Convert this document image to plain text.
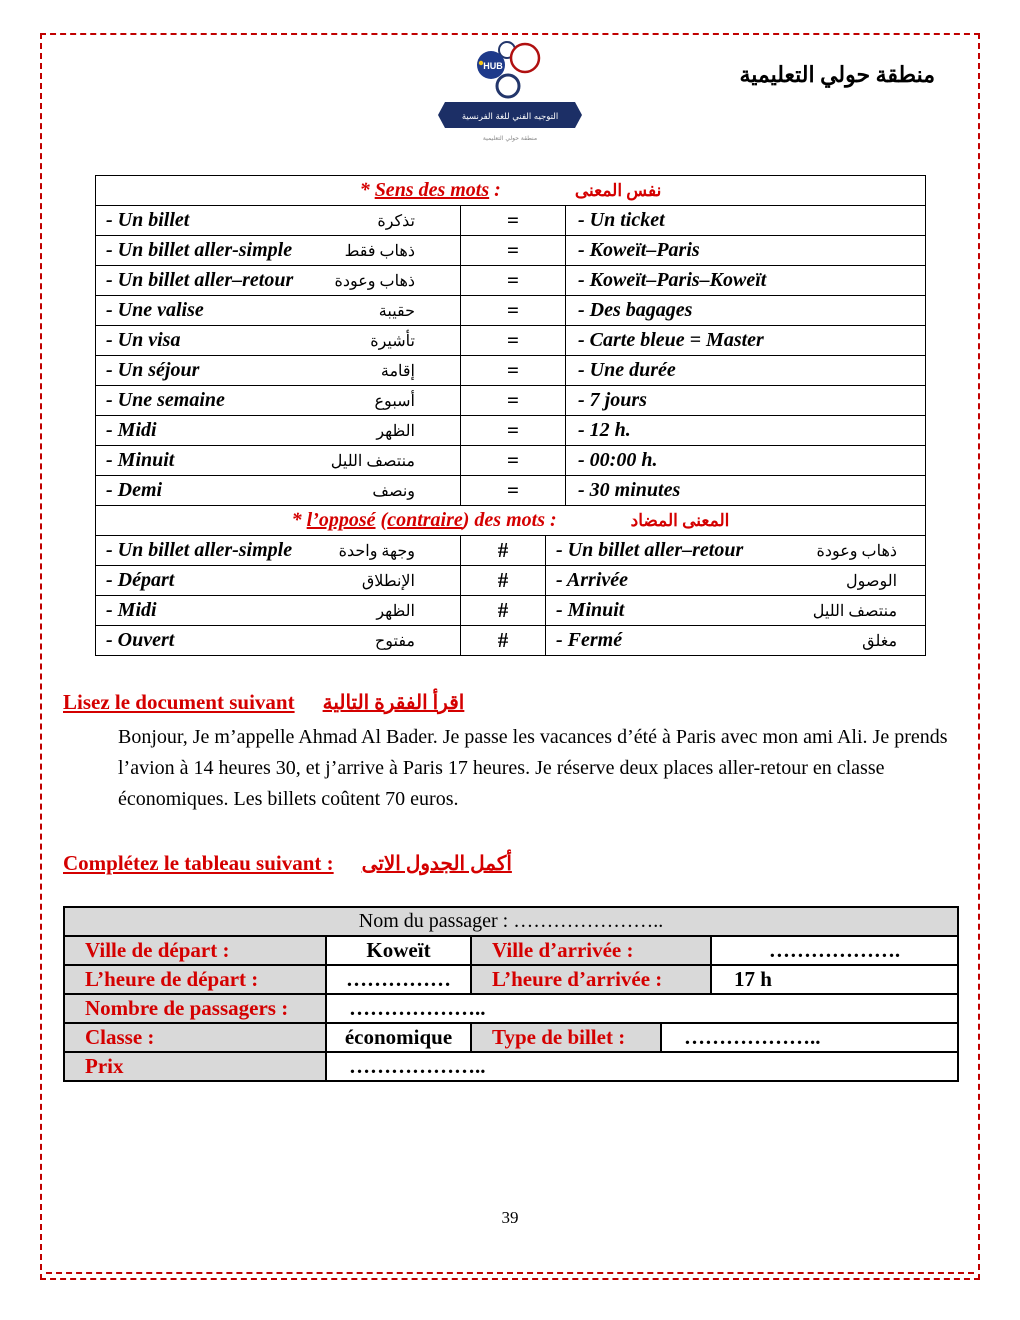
HUB
التوجيه الفني للغة الفرنسية
منطقة حولي التعليمية
منطقة حولي التعليمية
* Sens des mots : نفس المعنى		

- Un billet تذكرة	=	- Un ticket

- Un billet aller-simple ذهاب فقط	=	- Koweït–Paris

- Un billet aller–retour ذهاب وعودة	=	- Koweït–Paris–Koweït

- Une valise حقيبة	=	- Des bagages

- Un visa تأشيرة	=	- Carte bleue = Master

- Un séjour إقامة	=	- Une durée

- Une semaine أسبوع	=	- 7 jours

- Midi الظهر	=	- 12 h.

- Minuit منتصف الليل	=	- 00:00 h.

- Demi ونصف	=	- 30 minutes
* l’opposé (contraire) des mots : المعنى المضاد		

- Un billet aller-simple وجهة واحدة	#	- Un billet aller–retour ذهاب وعودة

- Départ الإنطلاق	#	- Arrivée الوصول

- Midi الظهر	#	- Minuit منتصف الليل

- Ouvert مفتوح	#	- Fermé مغلق
Lisez le document suivant اقرأ الفقرة التالية

Bonjour, Je m’appelle Ahmad Al Bader. Je passe les vacances d’été à Paris avec mon ami Ali. Je prends l’avion à 14 heures 30, et j’arrive à Paris 17 heures. Je réserve deux places aller-retour en classe économiques. Les billets coûtent 70 euros.

Complétez le tableau suivant : أكمل الجدول الاتى
Nom du passager : …………………..				
Ville de départ :	Koweït	Ville d’arrivée :		……………….
L’heure de départ :	……………	L’heure d’arrivée :		17 h
Nombre de passagers :	………………..			
Classe :	économique	Type de billet :	………………..	
Prix	………………..			
39
